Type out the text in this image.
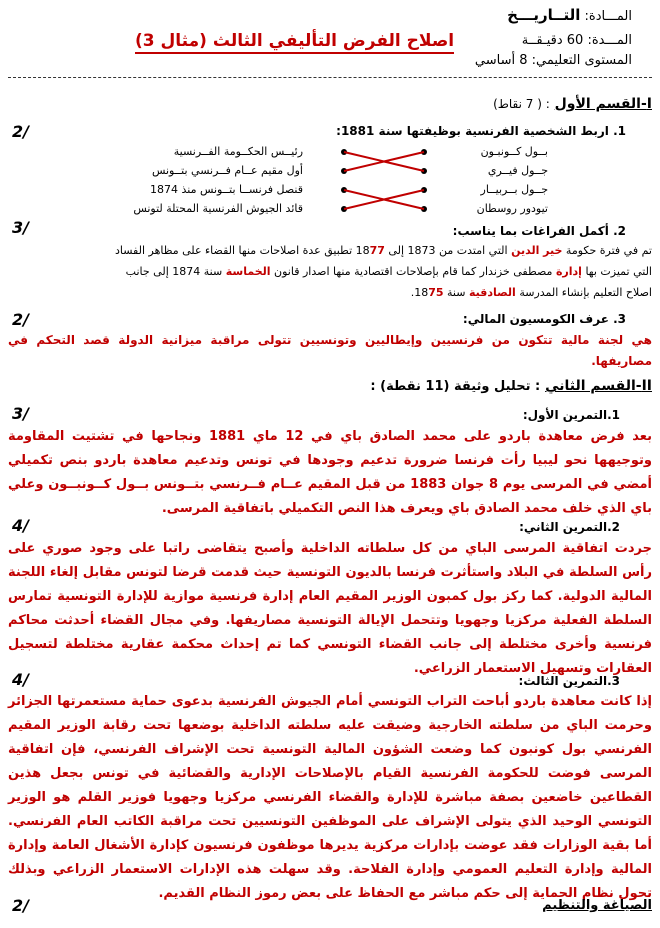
المـــادة: التــاريـــخ
المـــدة: 60 دقيـقــة
المستوى التعليمي: 8 أساسي
اصلاح الفرض التأليفي الثالث (مثال 3)
I-القسم الأول : ( 7 نقاط)
1. اربط الشخصية الفرنسية بوظيفتها سنة 1881:
2/
بــول كــونبـون
جــول فيــري
جــول بــربيــار
تيودور روسطان
رئيــس الحكــومة الفــرنسية
أول مقيم عــام فــرنسي بتــونس
قنصل فرنســا بتــونس منذ 1874
قائد الجيوش الفرنسية المحتلة لتونس
2. أكمل الفراغات بما يناسب:
3/
تم في فترة حكومة خير الدين التي امتدت من 1873 إلى 1877 تطبيق عدة اصلاحات منها القضاء على مظاهر الفساد
التي تميزت بها إدارة مصطفى خزندار كما قام بإصلاحات اقتصادية منها اصدار قانون الخماسة سنة 1874 إلى جانب
اصلاح التعليم بإنشاء المدرسة الصادقية سنة 1875.
3. عرف الكومسيون المالي:
2/
هي لجنة مالية تتكون من فرنسيين وإيطاليين وتونسيين تتولى مراقبة ميزانية الدولة قصد التحكم في مصاريفها.
II-القسم الثاني : تحليل وثيقة (11 نقطة) :
1.التمرين الأول:
3/
بعد فرض معاهدة باردو على محمد الصادق باي في 12 ماي 1881 ونجاحها في تشتيت المقاومة وتوجيهها نحو ليبيا رأت فرنسا ضرورة تدعيم وجودها في تونس وتدعيم معاهدة باردو بنص تكميلي أمضي في المرسى يوم 8 جوان 1883 من قبل المقيم عــام فــرنسي بتــونس بــول كــونبــون وعلي باي الذي خلف محمد الصادق باي ويعرف هذا النص التكميلي باتفاقية المرسى.
2.التمرين الثاني:
4/
جردت اتفاقية المرسى الباي من كل سلطاته الداخلية وأصبح يتقاضى راتبا على وجود صوري على رأس السلطة في البلاد واستأثرت فرنسا بالديون التونسية حيث قدمت قرضا لتونس مقابل إلغاء اللجنة المالية الدولية. كما ركز بول كمبون الوزير المقيم العام إدارة فرنسية موازية للإدارة التونسية تمارس السلطة الفعلية مركزيا وجهويا وتتحمل الإيالة التونسية مصاريفها. وفي مجال القضاء أحدثت محاكم فرنسية وأخرى مختلطة إلى جانب القضاء التونسي كما تم إحداث محكمة عقارية مختلطة لتسجيل العقارات وتسهيل الاستعمار الزراعي.
3.التمرين الثالث:
4/
إذا كانت معاهدة باردو أباحت التراب التونسي أمام الجيوش الفرنسية بدعوى حماية مستعمرتها الجزائر وحرمت الباي من سلطته الخارجية وضيقت عليه سلطته الداخلية بوضعها تحت رقابة الوزير المقيم الفرنسي بول كونبون كما وضعت الشؤون المالية التونسية تحت الإشراف الفرنسي، فإن اتفاقية المرسى فوضت للحكومة الفرنسية القيام بالإصلاحات الإدارية والقضائية في تونس بجعل هذين القطاعين خاضعين بصفة مباشرة للإدارة والقضاء الفرنسي مركزيا وجهويا فوزير القلم هو الوزير التونسي الوحيد الذي يتولى الإشراف على الموظفين التونسيين تحت مراقبة الكاتب العام الفرنسي. أما بقية الوزارات فقد عوضت بإدارات مركزية يديرها موظفون فرنسيون كإدارة الأشغال العامة وإدارة المالية وإدارة التعليم العمومي وإدارة الفلاحة. وقد سهلت هذه الإدارات الاستعمار الزراعي وبذلك تحول نظام الحماية إلى حكم مباشر مع الحفاظ على بعض رموز النظام القديم.
الصياغة والتنظيم
2/
